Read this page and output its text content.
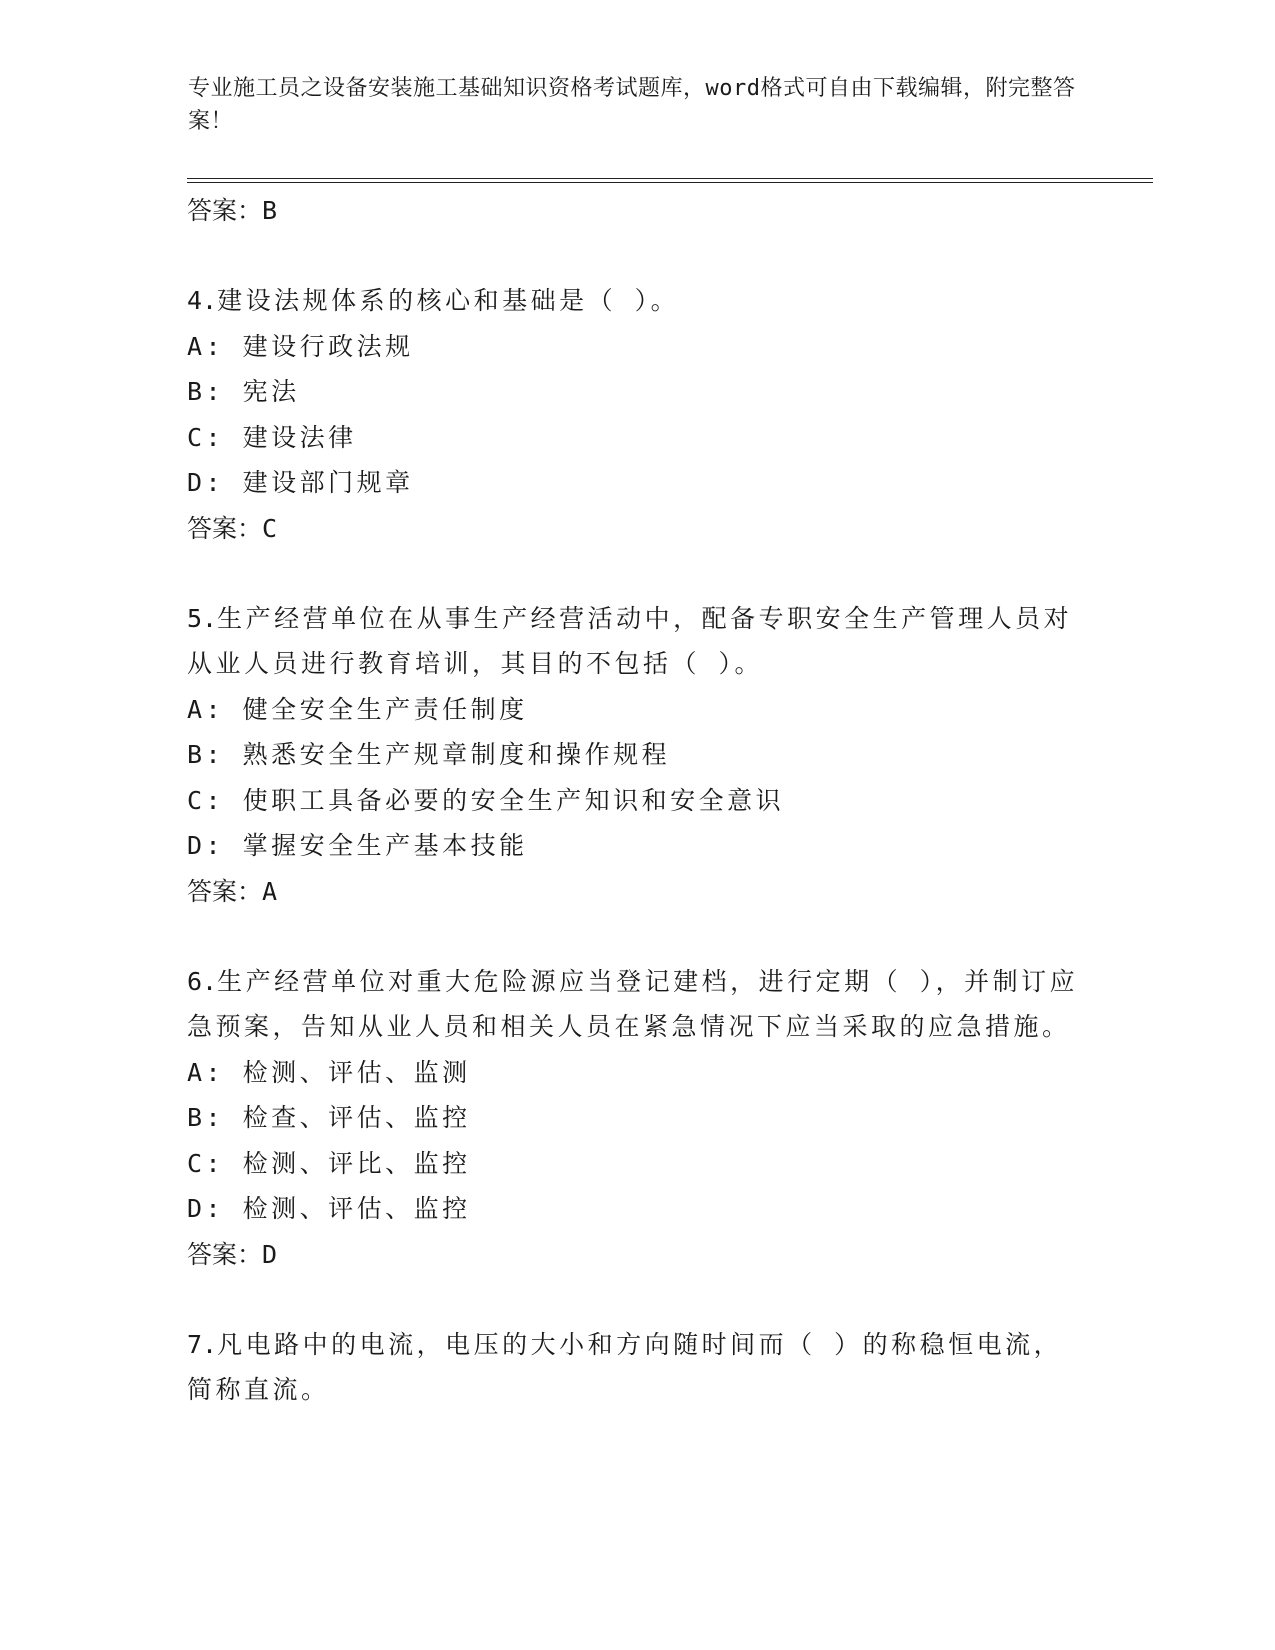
专业施工员之设备安装施工基础知识资格考试题库，word格式可自由下载编辑，附完整答案！
答案：B
4.建设法规体系的核心和基础是（ ）。
A: 建设行政法规
B: 宪法
C: 建设法律
D: 建设部门规章
答案：C
5.生产经营单位在从事生产经营活动中，配备专职安全生产管理人员对从业人员进行教育培训，其目的不包括（ ）。
A: 健全安全生产责任制度
B: 熟悉安全生产规章制度和操作规程
C: 使职工具备必要的安全生产知识和安全意识
D: 掌握安全生产基本技能
答案：A
6.生产经营单位对重大危险源应当登记建档，进行定期（ ），并制订应急预案，告知从业人员和相关人员在紧急情况下应当采取的应急措施。
A: 检测、评估、监测
B: 检查、评估、监控
C: 检测、评比、监控
D: 检测、评估、监控
答案：D
7.凡电路中的电流，电压的大小和方向随时间而（ ）的称稳恒电流，简称直流。
